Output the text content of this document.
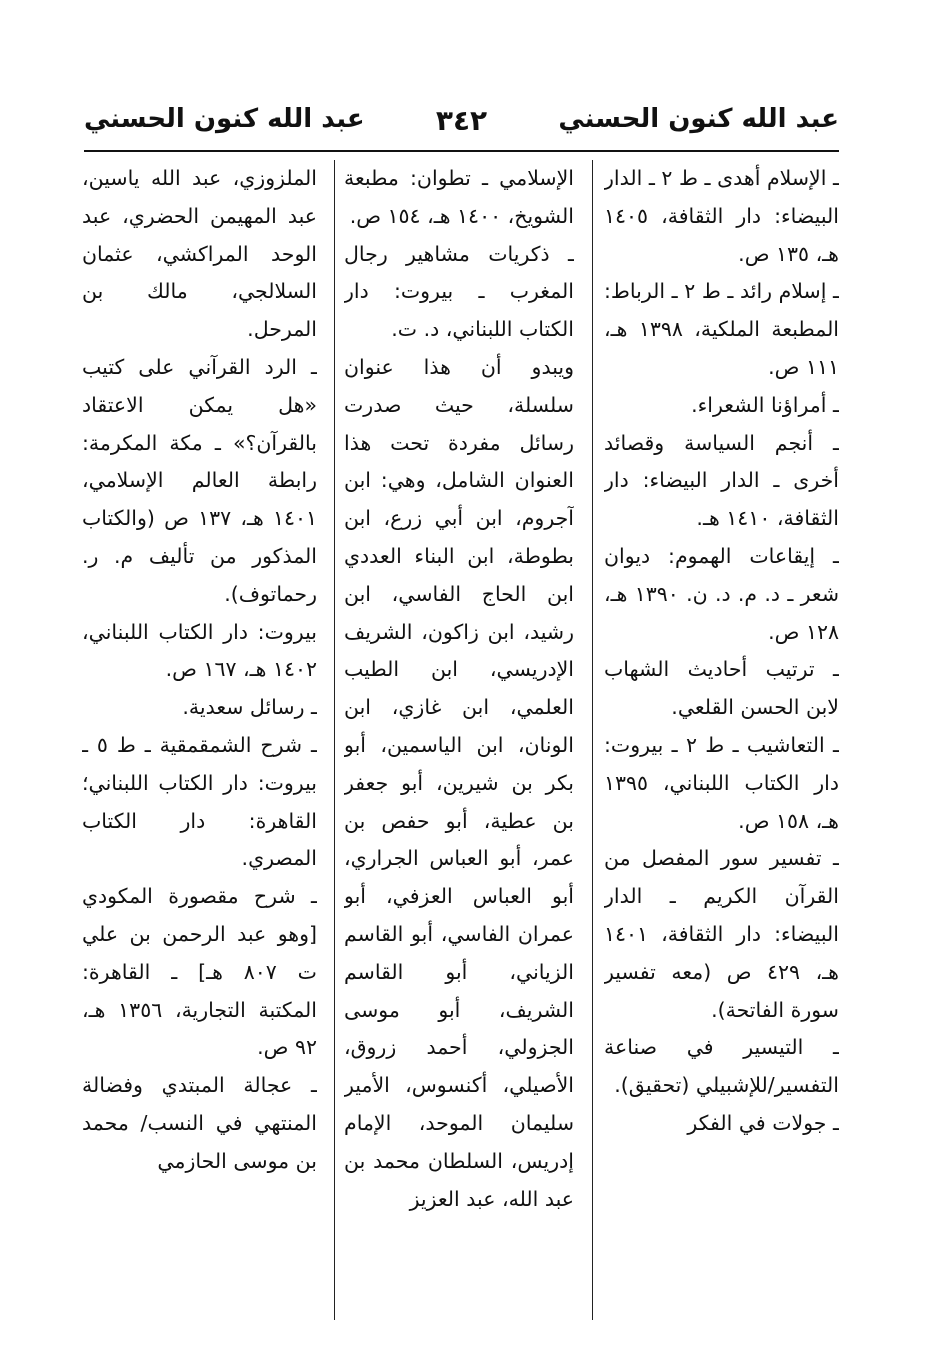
عبد الله كنون الحسني
٣٤٢
عبد الله كنون الحسني

ـ الإسلام أهدى ـ ط ٢ ـ الدار البيضاء: دار الثقافة، ١٤٠٥ هـ، ١٣٥ ص.

ـ إسلام رائد ـ ط ٢ ـ الرباط: المطبعة الملكية، ١٣٩٨ هـ، ١١١ ص.

ـ أمراؤنا الشعراء.

ـ أنجم السياسة وقصائد أخرى ـ الدار البيضاء: دار الثقافة، ١٤١٠ هـ.

ـ إيقاعات الهموم: ديوان شعر ـ د. م. د. ن. ١٣٩٠ هـ، ١٢٨ ص.

ـ ترتيب أحاديث الشهاب لابن الحسن القلعي.

ـ التعاشيب ـ ط ٢ ـ بيروت: دار الكتاب اللبناني، ١٣٩٥ هـ، ١٥٨ ص.

ـ تفسير سور المفصل من القرآن الكريم ـ الدار البيضاء: دار الثقافة، ١٤٠١ هـ، ٤٢٩ ص (معه تفسير سورة الفاتحة).

ـ التيسير في صناعة التفسير/للإشبيلي (تحقيق).

ـ جولات في الفكر

الإسلامي ـ تطوان: مطبعة الشويخ، ١٤٠٠ هـ، ١٥٤ ص.

ـ ذكريات مشاهير رجال المغرب ـ بيروت: دار الكتاب اللبناني، د. ت.

ويبدو أن هذا عنوان سلسلة، حيث صدرت رسائل مفردة تحت هذا العنوان الشامل، وهي: ابن آجروم، ابن أبي زرع، ابن بطوطة، ابن البناء العددي ابن الحاج الفاسي، ابن رشيد، ابن زاكون، الشريف الإدريسي، ابن الطيب العلمي، ابن غازي، ابن الونان، ابن الياسمين، أبو بكر بن شيرين، أبو جعفر بن عطية، أبو حفص بن عمر، أبو العباس الجراري، أبو العباس العزفي، أبو عمران الفاسي، أبو القاسم الزياني، أبو القاسم الشريف، أبو موسى الجزولي، أحمد زروق، الأصيلي، أكنسوس، الأمير سليمان الموحد، الإمام إدريس، السلطان محمد بن عبد الله، عبد العزيز

الملزوزي، عبد الله ياسين، عبد المهيمن الحضري، عبد الوحد المراكشي، عثمان السلالجي، مالك بن المرحل.

ـ الرد القرآني على كتيب «هل يمكن الاعتقاد بالقرآن؟» ـ مكة المكرمة: رابطة العالم الإسلامي، ١٤٠١ هـ، ١٣٧ ص (والكتاب المذكور من تأليف م. ر. رحماتوف).

بيروت: دار الكتاب اللبناني، ١٤٠٢ هـ، ١٦٧ ص.

ـ رسائل سعدية.

ـ شرح الشمقمقية ـ ط ٥ ـ بيروت: دار الكتاب اللبناني؛ القاهرة: دار الكتاب المصري.

ـ شرح مقصورة المكودي [وهو عبد الرحمن بن علي ت ٨٠٧ هـ] ـ القاهرة: المكتبة التجارية، ١٣٥٦ هـ، ٩٢ ص.

ـ عجالة المبتدي وفضالة المنتهي في النسب/ محمد بن موسى الحازمي
